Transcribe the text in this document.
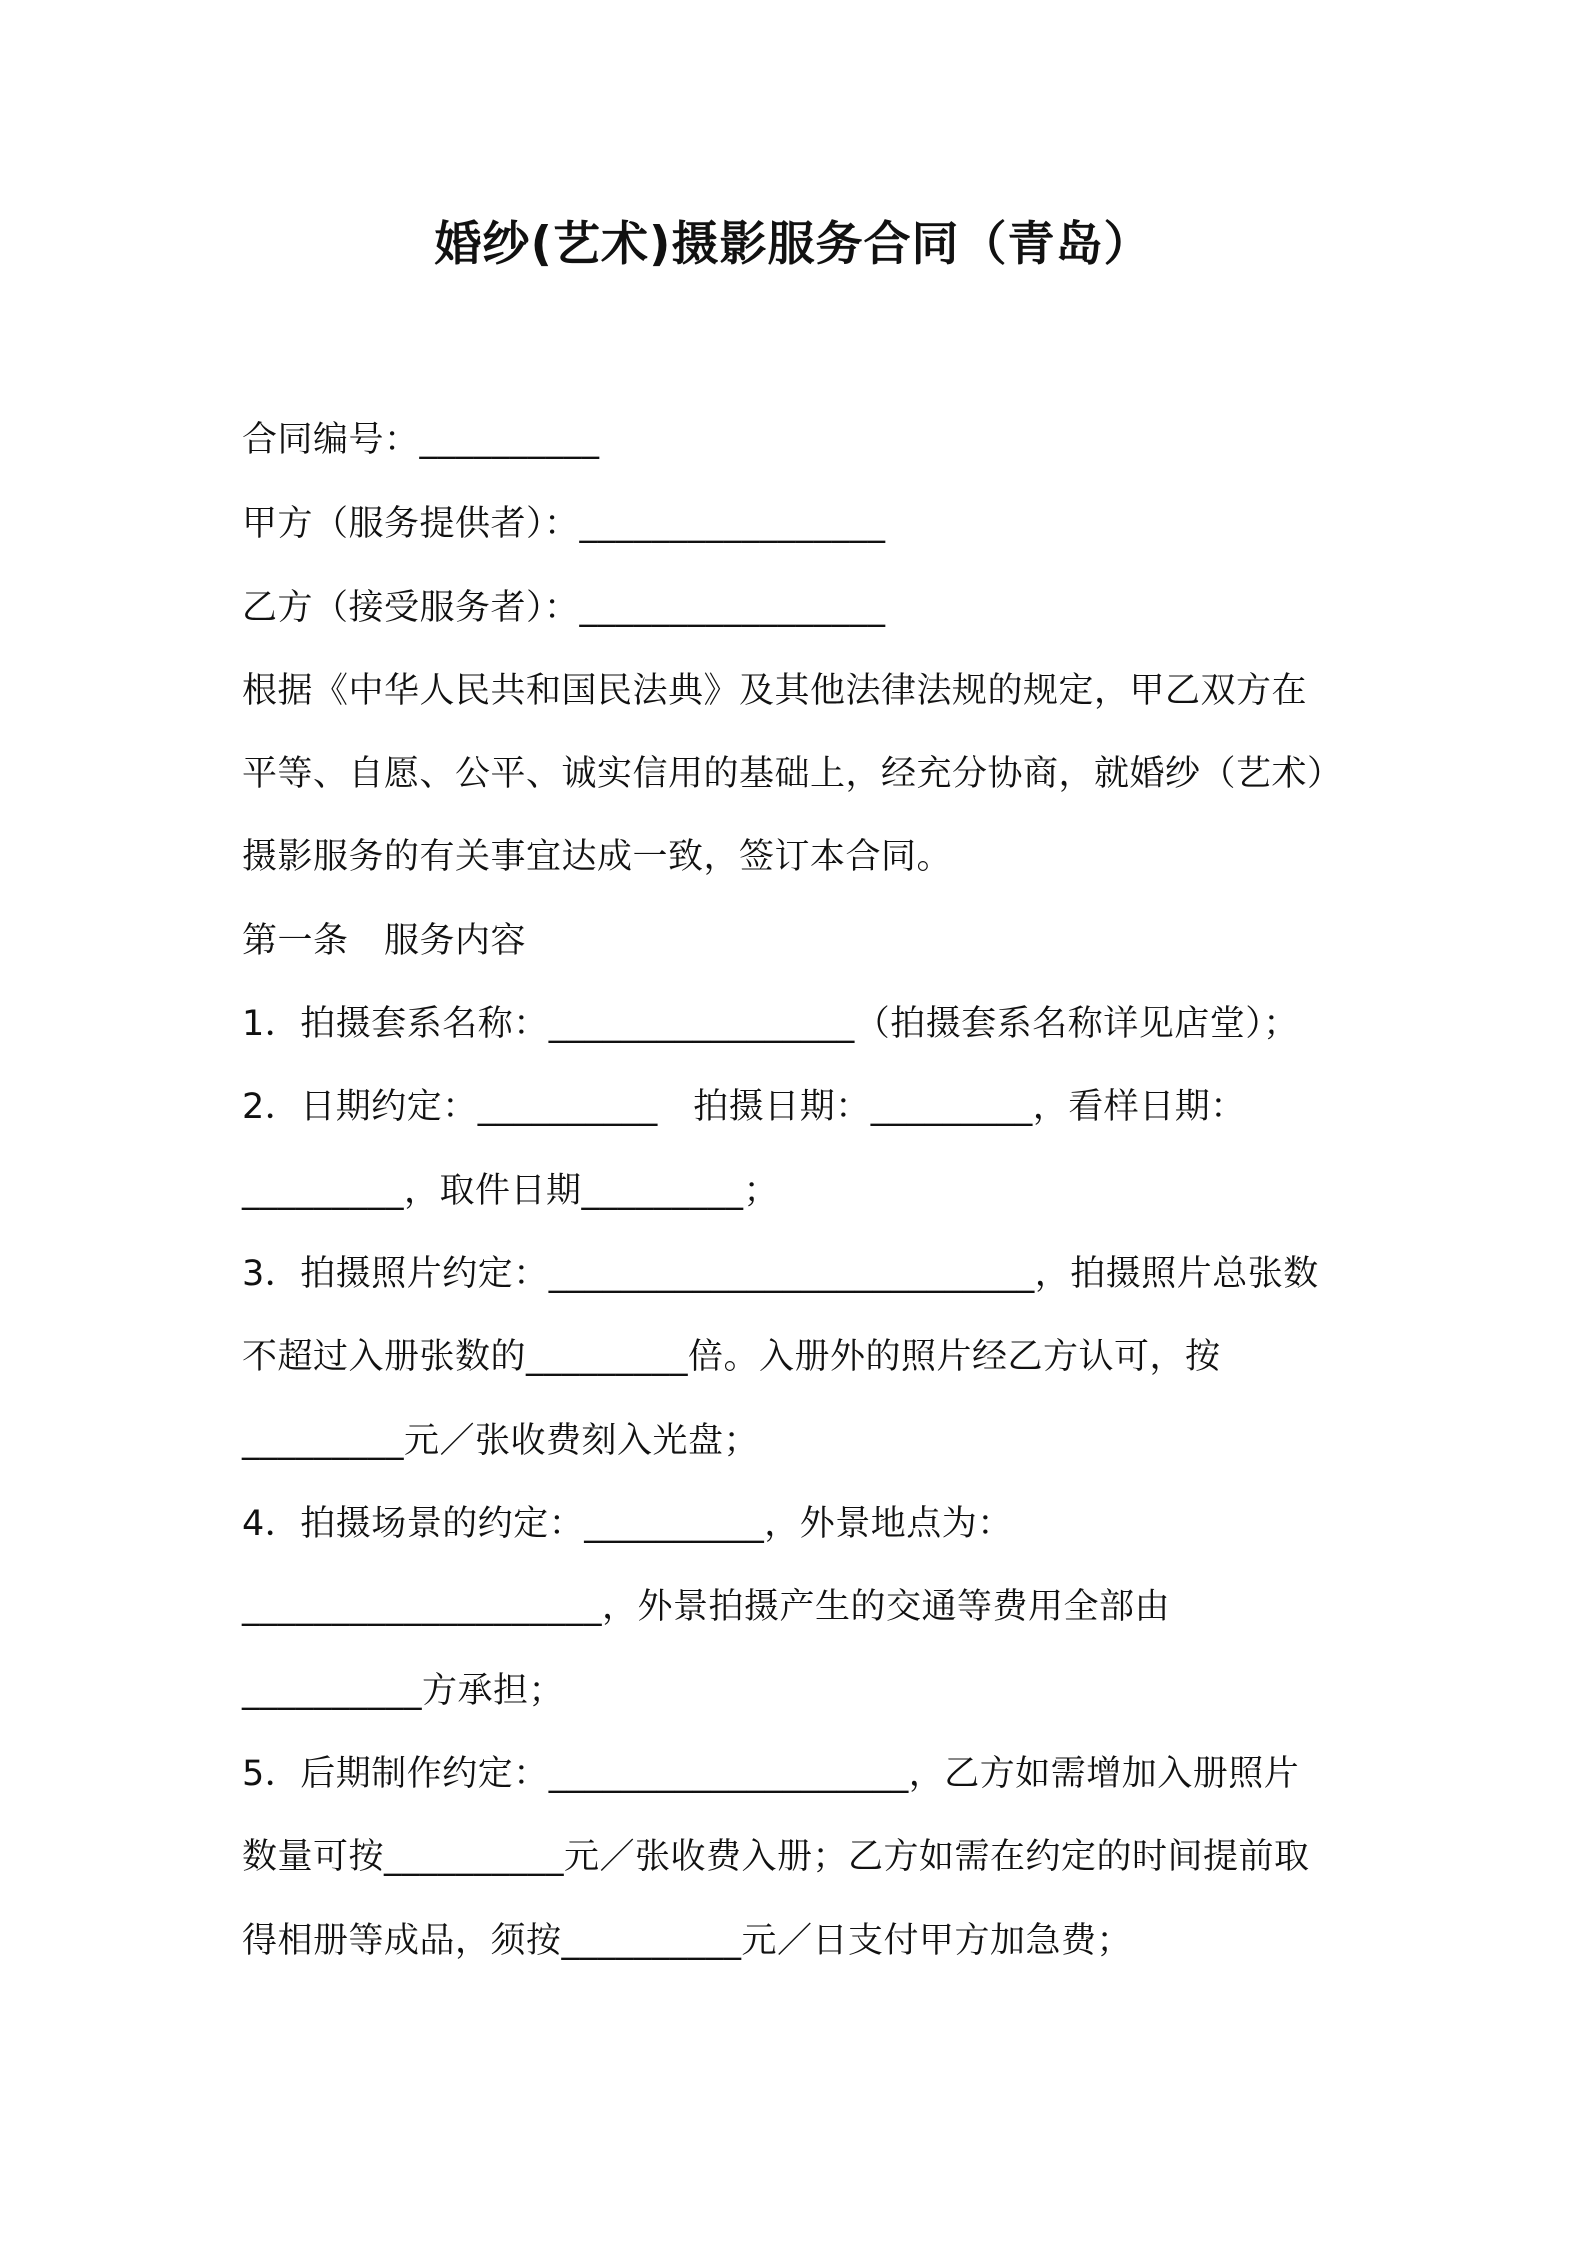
婚纱(艺术)摄影服务合同（青岛）
合同编号：__________
甲方（服务提供者）：_________________
乙方（接受服务者）：_________________
根据《中华人民共和国民法典》及其他法律法规的规定，甲乙双方在
平等、自愿、公平、诚实信用的基础上，经充分协商，就婚纱（艺术）
摄影服务的有关事宜达成一致，签订本合同。
第一条　服务内容
1．拍摄套系名称：_________________（拍摄套系名称详见店堂）；
2．日期约定：__________　拍摄日期：_________，看样日期：
_________，取件日期_________；
3．拍摄照片约定：___________________________，拍摄照片总张数
不超过入册张数的_________倍。入册外的照片经乙方认可，按
_________元／张收费刻入光盘；
4．拍摄场景的约定：__________，外景地点为：
____________________，外景拍摄产生的交通等费用全部由
__________方承担；
5．后期制作约定：____________________，乙方如需增加入册照片
数量可按__________元／张收费入册；乙方如需在约定的时间提前取
得相册等成品，须按__________元／日支付甲方加急费；
